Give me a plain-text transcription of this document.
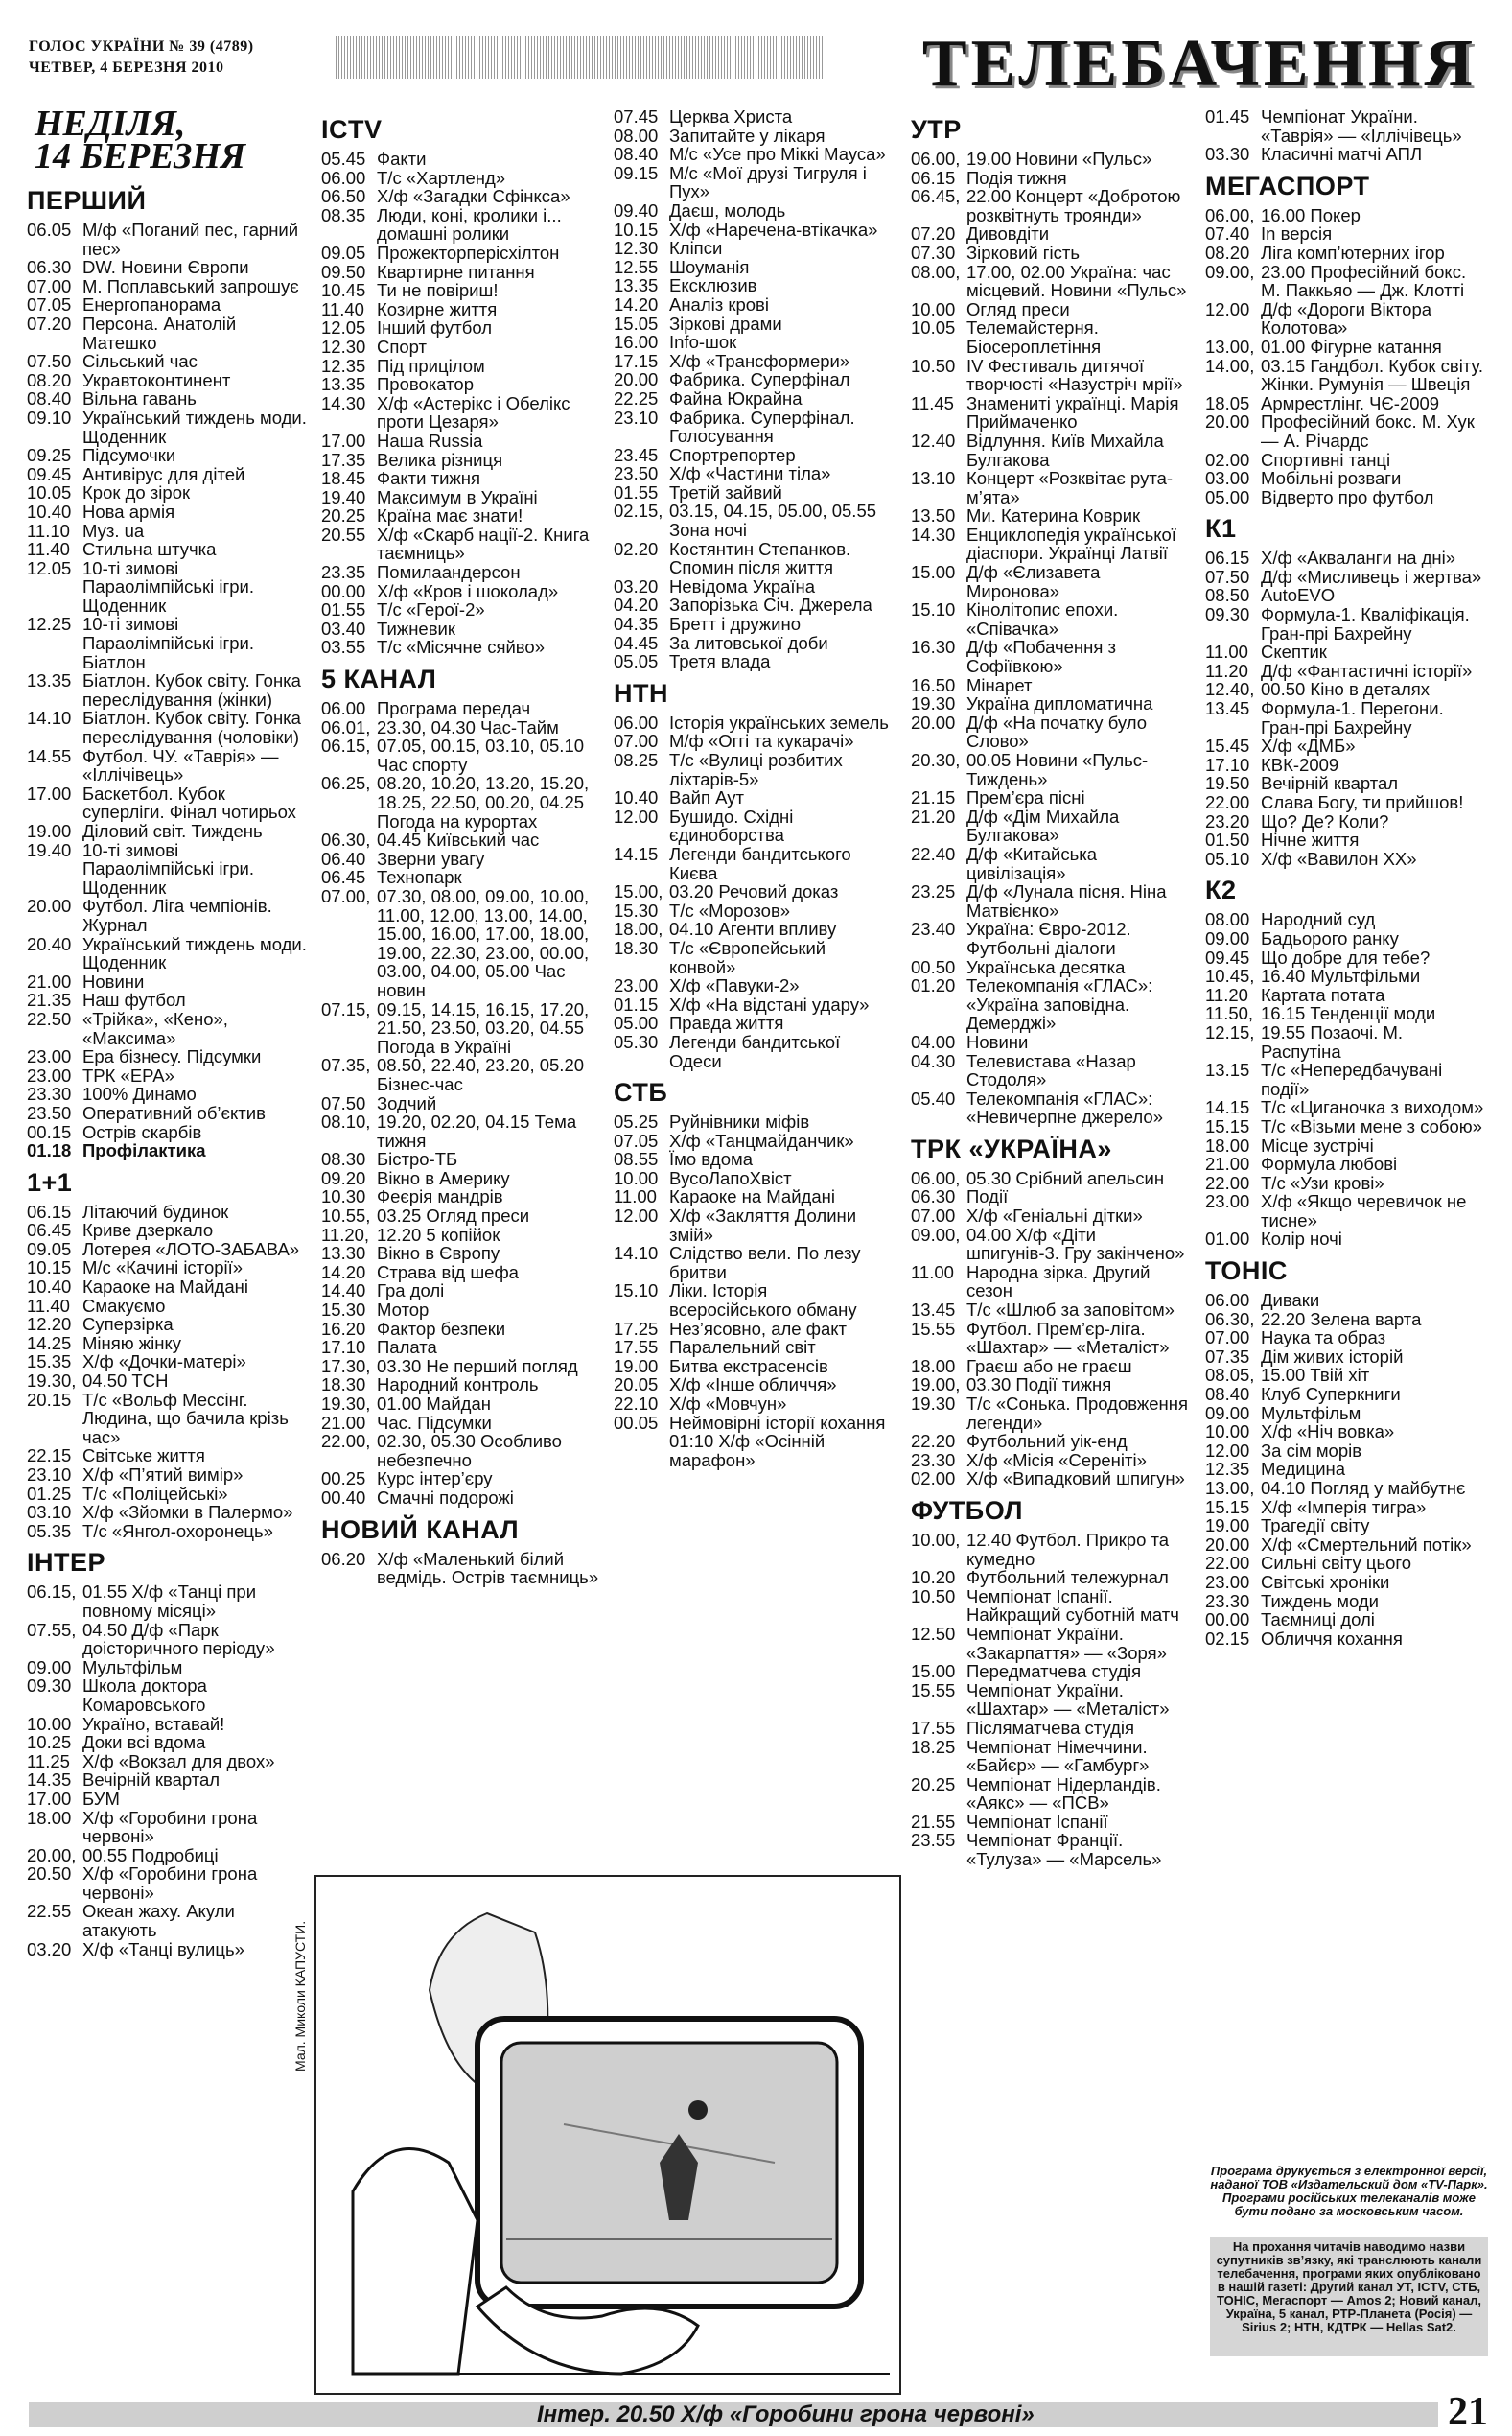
ГОЛОС УКРАЇНИ № 39 (4789)
ЧЕТВЕР, 4 БЕРЕЗНЯ 2010	ТЕЛЕБАЧЕННЯ
НЕДІЛЯ,
14 БЕРЕЗНЯ
ПЕРШИЙ
06.05 М/ф «Поганий пес, гарний пес»
06.30 DW. Новини Європи
07.00 М. Поплавський запрошує
07.05 Енергопанорама
07.20 Персона. Анатолій Матешко
07.50 Сільський час
08.20 Укравтоконтинент
08.40 Вільна гавань
09.10 Український тиждень моди. Щоденник
09.25 Підсумочки
09.45 Антивірус для дітей
10.05 Крок до зірок
10.40 Нова армія
11.10 Муз. ua
11.40 Стильна штучка
12.05 10-ті зимові Параолімпійські ігри. Щоденник
12.25 10-ті зимові Параолімпійські ігри. Біатлон
13.35 Біатлон. Кубок світу. Гонка переслідування (жінки)
14.10 Біатлон. Кубок світу. Гонка переслідування (чоловіки)
14.55 Футбол. ЧУ. «Таврія» — «Іллічівець»
17.00 Баскетбол. Кубок суперліги. Фінал чотирьох
19.00 Діловий світ. Тиждень
19.40 10-ті зимові Параолімпійські ігри. Щоденник
20.00 Футбол. Ліга чемпіонів. Журнал
20.40 Український тиждень моди. Щоденник
21.00 Новини
21.35 Наш футбол
22.50 «Трійка», «Кено», «Максима»
23.00 Ера бізнесу. Підсумки
23.00 ТРК «ЕРА»
23.30 100% Динамо
23.50 Оперативний об’єктив
00.15 Острів скарбів
01.18 Профілактика
1+1
06.15 Літаючий будинок
06.45 Криве дзеркало
09.05 Лотерея «ЛОТО-ЗАБАВА»
10.15 М/с «Качині історії»
10.40 Караоке на Майдані
11.40 Смакуємо
12.20 Суперзірка
14.25 Міняю жінку
15.35 Х/ф «Дочки-матері»
19.30, 04.50 ТСН
20.15 Т/с «Вольф Мессінг. Людина, що бачила крізь час»
22.15 Світське життя
23.10 Х/ф «П’ятий вимір»
01.25 Т/с «Поліцейські»
03.10 Х/ф «Зйомки в Палермо»
05.35 Т/с «Янгол-охоронець»
ІНТЕР
06.15, 01.55 Х/ф «Танці при повному місяці»
07.55, 04.50 Д/ф «Парк доісторичного періоду»
09.00 Мультфільм
09.30 Школа доктора Комаровського
10.00 Україно, вставай!
10.25 Доки всі вдома
11.25 Х/ф «Вокзал для двох»
14.35 Вечірній квартал
17.00 БУМ
18.00 Х/ф «Горобини грона червоні»
20.00, 00.55 Подробиці
20.50 Х/ф «Горобини грона червоні»
22.55 Океан жаху. Акули атакують
03.20 Х/ф «Танці вулиць»
ICTV
05.45 Факти
06.00 Т/с «Хартленд»
06.50 Х/ф «Загадки Сфінкса»
08.35 Люди, коні, кролики і... домашні ролики
09.05 Прожекторперісхілтон
09.50 Квартирне питання
10.45 Ти не повіриш!
11.40 Козирне життя
12.05 Інший футбол
12.30 Спорт
12.35 Під прицілом
13.35 Провокатор
14.30 Х/ф «Астерікс і Обелікс проти Цезаря»
17.00 Наша Russia
17.35 Велика різниця
18.45 Факти тижня
19.40 Максимум в Україні
20.25 Країна має знати!
20.55 Х/ф «Скарб нації-2. Книга таємниць»
23.35 Помилаандерсон
00.00 Х/ф «Кров і шоколад»
01.55 Т/с «Герої-2»
03.40 Тижневик
03.55 Т/с «Місячне сяйво»
5 КАНАЛ
06.00 Програма передач
06.01, 23.30, 04.30 Час-Тайм
06.15, 07.05, 00.15, 03.10, 05.10 Час спорту
06.25, 08.20, 10.20, 13.20, 15.20, 18.25, 22.50, 00.20, 04.25 Погода на курортах
06.30, 04.45 Київський час
06.40 Зверни увагу
06.45 Технопарк
07.00, 07.30, 08.00, 09.00, 10.00, 11.00, 12.00, 13.00, 14.00, 15.00, 16.00, 17.00, 18.00, 19.00, 22.30, 23.00, 00.00, 03.00, 04.00, 05.00 Час новин
07.15, 09.15, 14.15, 16.15, 17.20, 21.50, 23.50, 03.20, 04.55 Погода в Україні
07.35, 08.50, 22.40, 23.20, 05.20 Бізнес-час
07.50 Зодчий
08.10, 19.20, 02.20, 04.15 Тема тижня
08.30 Бістро-ТБ
09.20 Вікно в Америку
10.30 Феєрія мандрів
10.55, 03.25 Огляд преси
11.20, 12.20 5 копійок
13.30 Вікно в Європу
14.20 Страва від шефа
14.40 Гра долі
15.30 Мотор
16.20 Фактор безпеки
17.10 Палата
17.30, 03.30 Не перший погляд
18.30 Народний контроль
19.30, 01.00 Майдан
21.00 Час. Підсумки
22.00, 02.30, 05.30 Особливо небезпечно
00.25 Курс інтер’єру
00.40 Смачні подорожі
НОВИЙ КАНАЛ
06.20 Х/ф «Маленький білий ведмідь. Острів таємниць»
07.45 Церква Христа
08.00 Запитайте у лікаря
08.40 М/с «Усе про Міккі Мауса»
09.15 М/с «Мої друзі Тигруля і Пух»
09.40 Даєш, молодь
10.15 Х/ф «Наречена-втікачка»
12.30 Кліпси
12.55 Шоуманія
13.35 Ексклюзив
14.20 Аналіз крові
15.05 Зіркові драми
16.00 Info-шок
17.15 Х/ф «Трансформери»
20.00 Фабрика. Суперфінал
22.25 Файна Юкрайна
23.10 Фабрика. Суперфінал. Голосування
23.45 Спортрепортер
23.50 Х/ф «Частини тіла»
01.55 Третій зайвий
02.15, 03.15, 04.15, 05.00, 05.55 Зона ночі
02.20 Костянтин Степанков. Спомин після життя
03.20 Невідома Україна
04.20 Запорізька Січ. Джерела
04.35 Бретт і дружино
04.45 За литовської доби
05.05 Третя влада
НТН
06.00 Історія українських земель
07.00 М/ф «Оггі та кукарачі»
08.25 Т/с «Вулиці розбитих ліхтарів-5»
10.40 Вайп Аут
12.00 Бушидо. Східні єдиноборства
14.15 Легенди бандитського Києва
15.00, 03.20 Речовий доказ
15.30 Т/с «Морозов»
18.00, 04.10 Агенти впливу
18.30 Т/с «Європейський конвой»
23.00 Х/ф «Павуки-2»
01.15 Х/ф «На відстані удару»
05.00 Правда життя
05.30 Легенди бандитської Одеси
СТБ
05.25 Руйнівники міфів
07.05 Х/ф «Танцмайданчик»
08.55 Їмо вдома
10.00 ВусоЛапоХвіст
11.00 Караоке на Майдані
12.00 Х/ф «Закляття Долини змій»
14.10 Слідство вели. По лезу бритви
15.10 Ліки. Історія всеросійського обману
17.25 Нез’ясовно, але факт
17.55 Паралельний світ
19.00 Битва екстрасенсів
20.05 Х/ф «Інше обличчя»
22.10 Х/ф «Мовчун»
00.05 Неймовірні історії кохання 01:10 Х/ф «Осінній марафон»
УТР
06.00, 19.00 Новини «Пульс»
06.15 Подія тижня
06.45, 22.00 Концерт «Добротою розквітнуть троянди»
07.20 Дивовдіти
07.30 Зірковий гість
08.00, 17.00, 02.00 Україна: час місцевий. Новини «Пульс»
10.00 Огляд преси
10.05 Телемайстерня. Біосероплетіння
10.50 IV Фестиваль дитячої творчості «Назустріч мрії»
11.45 Знамениті українці. Марія Приймаченко
12.40 Відлуння. Київ Михайла Булгакова
13.10 Концерт «Розквітає рута-м’ята»
13.50 Ми. Катерина Коврик
14.30 Енциклопедія української діаспори. Українці Латвії
15.00 Д/ф «Єлизавета Миронова»
15.10 Кінолітопис епохи. «Співачка»
16.30 Д/ф «Побачення з Софіївкою»
16.50 Мінарет
19.30 Україна дипломатична
20.00 Д/ф «На початку було Слово»
20.30, 00.05 Новини «Пульс-Тиждень»
21.15 Прем’єра пісні
21.20 Д/ф «Дім Михайла Булгакова»
22.40 Д/ф «Китайська цивілізація»
23.25 Д/ф «Лунала пісня. Ніна Матвієнко»
23.40 Україна: Євро-2012. Футбольні діалоги
00.50 Українська десятка
01.20 Телекомпанія «ГЛАС»: «Україна заповідна. Демерджі»
04.00 Новини
04.30 Телевистава «Назар Стодоля»
05.40 Телекомпанія «ГЛАС»: «Невичерпне джерело»
ТРК «УКРАЇНА»
06.00, 05.30 Срібний апельсин
06.30 Події
07.00 Х/ф «Геніальні дітки»
09.00, 04.00 Х/ф «Діти шпигунів-3. Гру закінчено»
11.00 Народна зірка. Другий сезон
13.45 Т/с «Шлюб за заповітом»
15.55 Футбол. Прем’єр-ліга. «Шахтар» — «Металіст»
18.00 Граєш або не граєш
19.00, 03.30 Події тижня
19.30 Т/с «Сонька. Продовження легенди»
22.20 Футбольний уік-енд
23.30 Х/ф «Місія «Сереніті»
02.00 Х/ф «Випадковий шпигун»
ФУТБОЛ
10.00, 12.40 Футбол. Прикро та кумедно
10.20 Футбольний тележурнал
10.50 Чемпіонат Іспанії. Найкращий суботній матч
12.50 Чемпіонат України. «Закарпаття» — «Зоря»
15.00 Передматчева студія
15.55 Чемпіонат України. «Шахтар» — «Металіст»
17.55 Післяматчева студія
18.25 Чемпіонат Німеччини. «Байєр» — «Гамбург»
20.25 Чемпіонат Нідерландів. «Аякс» — «ПСВ»
21.55 Чемпіонат Іспанії
23.55 Чемпіонат Франції. «Тулуза» — «Марсель»
01.45 Чемпіонат України. «Таврія» — «Іллічівець»
03.30 Класичні матчі АПЛ
МЕГАСПОРТ
06.00, 16.00 Покер
07.40 In версія
08.20 Ліга комп’ютерних ігор
09.00, 23.00 Професійний бокс. М. Паккьяо — Дж. Клотті
12.00 Д/ф «Дороги Віктора Колотова»
13.00, 01.00 Фігурне катання
14.00, 03.15 Гандбол. Кубок світу. Жінки. Румунія — Швеція
18.05 Армрестлінг. ЧЄ-2009
20.00 Професійний бокс. М. Хук — А. Річардс
02.00 Спортивні танці
03.00 Мобільні розваги
05.00 Відверто про футбол
К1
06.15 Х/ф «Акваланги на дні»
07.50 Д/ф «Мисливець і жертва»
08.50 AutoEVO
09.30 Формула-1. Кваліфікація. Гран-прі Бахрейну
11.00 Скептик
11.20 Д/ф «Фантастичні історії»
12.40, 00.50 Кіно в деталях
13.45 Формула-1. Перегони. Гран-прі Бахрейну
15.45 Х/ф «ДМБ»
17.10 КВК-2009
19.50 Вечірній квартал
22.00 Слава Богу, ти прийшов!
23.20 Що? Де? Коли?
01.50 Нічне життя
05.10 Х/ф «Вавилон ХХ»
К2
08.00 Народний суд
09.00 Бадьорого ранку
09.45 Що добре для тебе?
10.45, 16.40 Мультфільми
11.20 Картата потата
11.50, 16.15 Тенденції моди
12.15, 19.55 Позаочі. М. Распутіна
13.15 Т/с «Непередбачувані події»
14.15 Т/с «Циганочка з виходом»
15.15 Т/с «Візьми мене з собою»
18.00 Місце зустрічі
21.00 Формула любові
22.00 Т/с «Узи крові»
23.00 Х/ф «Якщо черевичок не тисне»
01.00 Колір ночі
ТОНІС
06.00 Диваки
06.30, 22.20 Зелена варта
07.00 Наука та образ
07.35 Дім живих історій
08.05, 15.00 Твій хіт
08.40 Клуб Суперкниги
09.00 Мультфільм
10.00 Х/ф «Ніч вовка»
12.00 За сім морів
12.35 Медицина
13.00, 04.10 Погляд у майбутнє
15.15 Х/ф «Імперія тигра»
19.00 Трагедії світу
20.00 Х/ф «Смертельний потік»
22.00 Сильні світу цього
23.00 Світські хроніки
23.30 Тиждень моди
00.00 Таємниці долі
02.15 Обличчя кохання
Мал. Миколи КАПУСТИ.
Програма друкується з електронної версії, наданої ТОВ «Издательский дом «TV-Парк». Програми російських телеканалів може бути подано за московським часом.
На прохання читачів наводимо назви супутників зв’язку, які транслюють канали телебачення, програми яких опубліковано в нашій газеті: Другий канал УТ, ICTV, СТБ, ТОНІС, Мегаспорт — Amos 2; Новий канал, Україна, 5 канал, РТР-Планета (Росія) — Sirius 2; НТН, КДТРК — Hellas Sat2.
Інтер. 20.50 Х/ф «Горобини грона червоні»	21
